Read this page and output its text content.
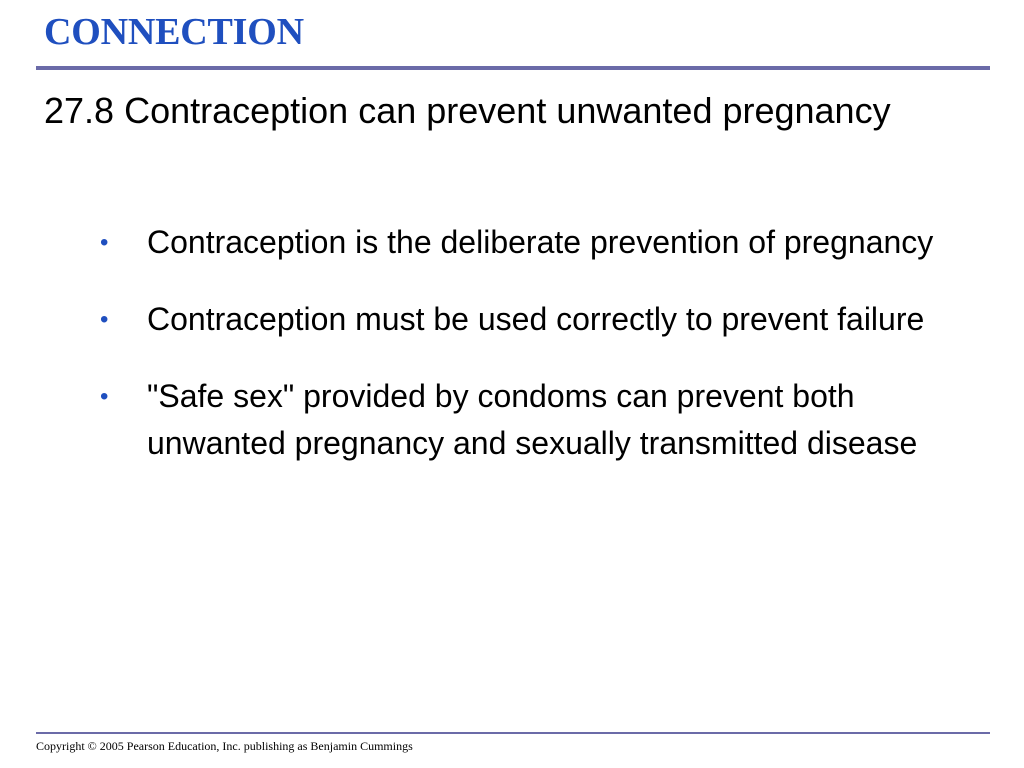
CONNECTION
27.8 Contraception can prevent unwanted pregnancy
•	Contraception is the deliberate prevention of pregnancy
•	Contraception must be used correctly to prevent failure
•	"Safe sex" provided by condoms can prevent both unwanted pregnancy and sexually transmitted disease
Copyright © 2005 Pearson Education, Inc. publishing as Benjamin Cummings
